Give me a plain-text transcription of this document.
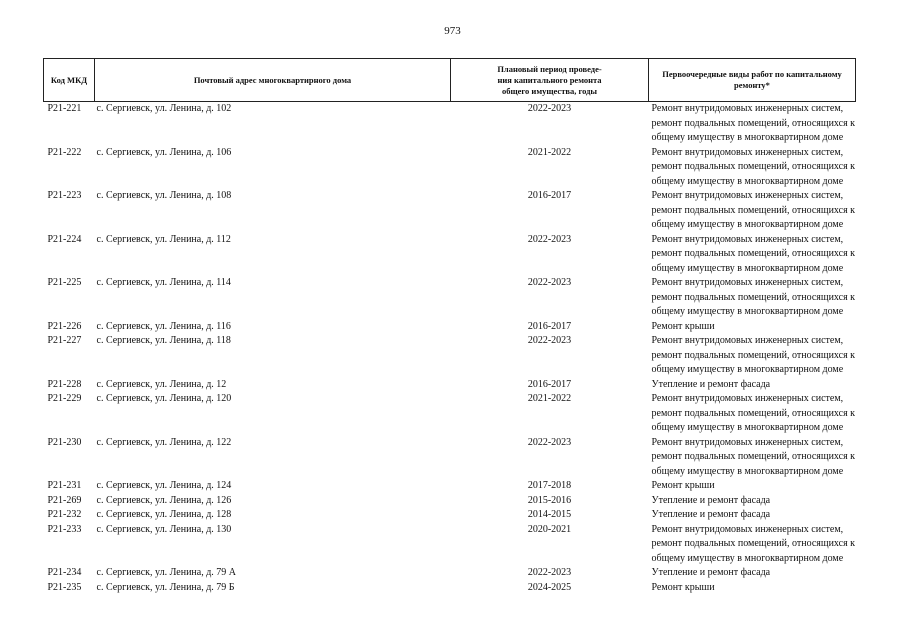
973
Код МКД	Почтовый адрес многоквартирного дома	Плановый период проведе-
ния капитального ремонта
общего имущества, годы	Первоочередные виды работ по капитальному
ремонту*

Р21-221	с. Сергиевск, ул. Ленина, д. 102	2022-2023	Ремонт внутридомовых инженерных систем,
ремонт подвальных помещений, относящихся к
общему имуществу в многоквартирном доме

Р21-222	с. Сергиевск, ул. Ленина, д. 106	2021-2022	Ремонт внутридомовых инженерных систем,
ремонт подвальных помещений, относящихся к
общему имуществу в многоквартирном доме

Р21-223	с. Сергиевск, ул. Ленина, д. 108	2016-2017	Ремонт внутридомовых инженерных систем,
ремонт подвальных помещений, относящихся к
общему имуществу в многоквартирном доме

Р21-224	с. Сергиевск, ул. Ленина, д. 112	2022-2023	Ремонт внутридомовых инженерных систем,
ремонт подвальных помещений, относящихся к
общему имуществу в многоквартирном доме

Р21-225	с. Сергиевск, ул. Ленина, д. 114	2022-2023	Ремонт внутридомовых инженерных систем,
ремонт подвальных помещений, относящихся к
общему имуществу в многоквартирном доме

Р21-226	с. Сергиевск, ул. Ленина, д. 116	2016-2017	Ремонт крыши

Р21-227	с. Сергиевск, ул. Ленина, д. 118	2022-2023	Ремонт внутридомовых инженерных систем,
ремонт подвальных помещений, относящихся к
общему имуществу в многоквартирном доме

Р21-228	с. Сергиевск, ул. Ленина, д. 12	2016-2017	Утепление и ремонт фасада

Р21-229	с. Сергиевск, ул. Ленина, д. 120	2021-2022	Ремонт внутридомовых инженерных систем,
ремонт подвальных помещений, относящихся к
общему имуществу в многоквартирном доме

Р21-230	с. Сергиевск, ул. Ленина, д. 122	2022-2023	Ремонт внутридомовых инженерных систем,
ремонт подвальных помещений, относящихся к
общему имуществу в многоквартирном доме

Р21-231	с. Сергиевск, ул. Ленина, д. 124	2017-2018	Ремонт крыши

Р21-269	с. Сергиевск, ул. Ленина, д. 126	2015-2016	Утепление и ремонт фасада

Р21-232	с. Сергиевск, ул. Ленина, д. 128	2014-2015	Утепление и ремонт фасада

Р21-233	с. Сергиевск, ул. Ленина, д. 130	2020-2021	Ремонт внутридомовых инженерных систем,
ремонт подвальных помещений, относящихся к
общему имуществу в многоквартирном доме

Р21-234	с. Сергиевск, ул. Ленина, д. 79 А	2022-2023	Утепление и ремонт фасада

Р21-235	с. Сергиевск, ул. Ленина, д. 79 Б	2024-2025	Ремонт крыши
